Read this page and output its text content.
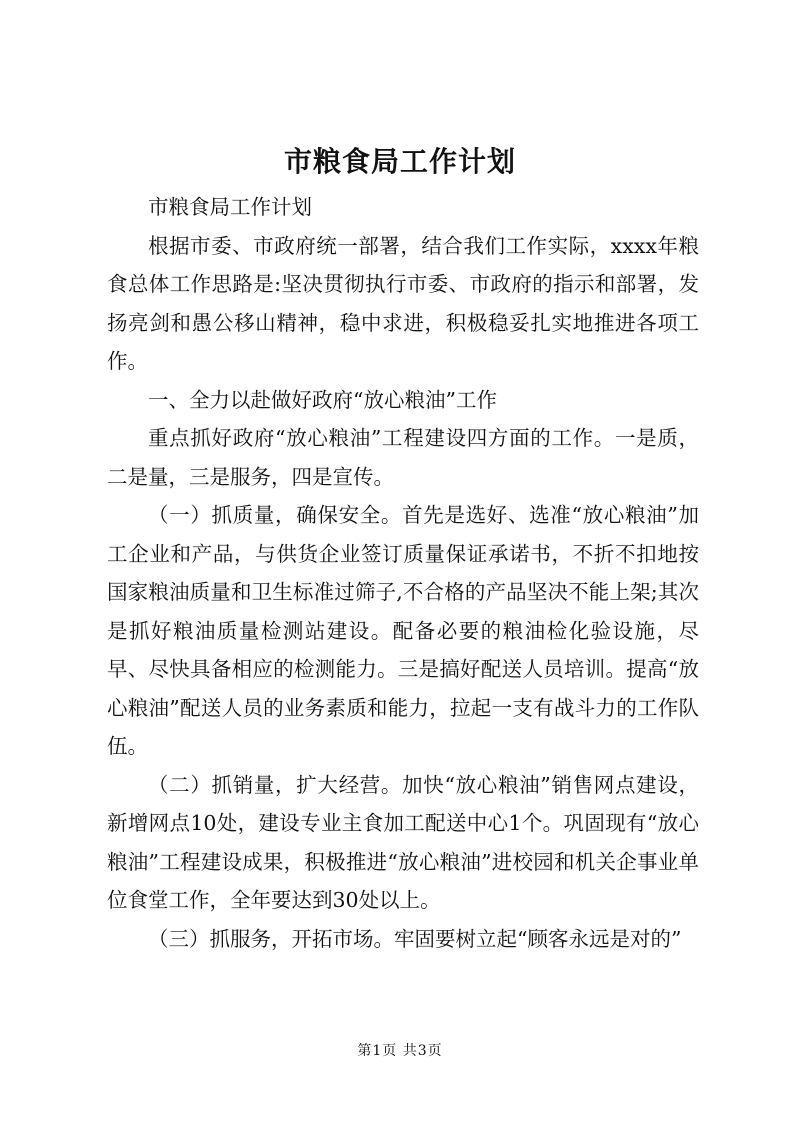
市粮食局工作计划

市粮食局工作计划

根据市委、市政府统一部署，结合我们工作实际，xxxx年粮食总体工作思路是:坚决贯彻执行市委、市政府的指示和部署，发扬亮剑和愚公移山精神，稳中求进，积极稳妥扎实地推进各项工作。

一、全力以赴做好政府“放心粮油”工作

重点抓好政府“放心粮油”工程建设四方面的工作。一是质，二是量，三是服务，四是宣传。

（一）抓质量，确保安全。首先是选好、选准“放心粮油”加工企业和产品，与供货企业签订质量保证承诺书，不折不扣地按国家粮油质量和卫生标准过筛子,不合格的产品坚决不能上架;其次是抓好粮油质量检测站建设。配备必要的粮油检化验设施，尽早、尽快具备相应的检测能力。三是搞好配送人员培训。提高“放心粮油”配送人员的业务素质和能力，拉起一支有战斗力的工作队伍。

（二）抓销量，扩大经营。加快“放心粮油”销售网点建设，新增网点10处，建设专业主食加工配送中心1个。巩固现有“放心粮油”工程建设成果，积极推进“放心粮油”进校园和机关企事业单位食堂工作，全年要达到30处以上。

（三）抓服务，开拓市场。牢固要树立起“顾客永远是对的”

第1页 共3页
